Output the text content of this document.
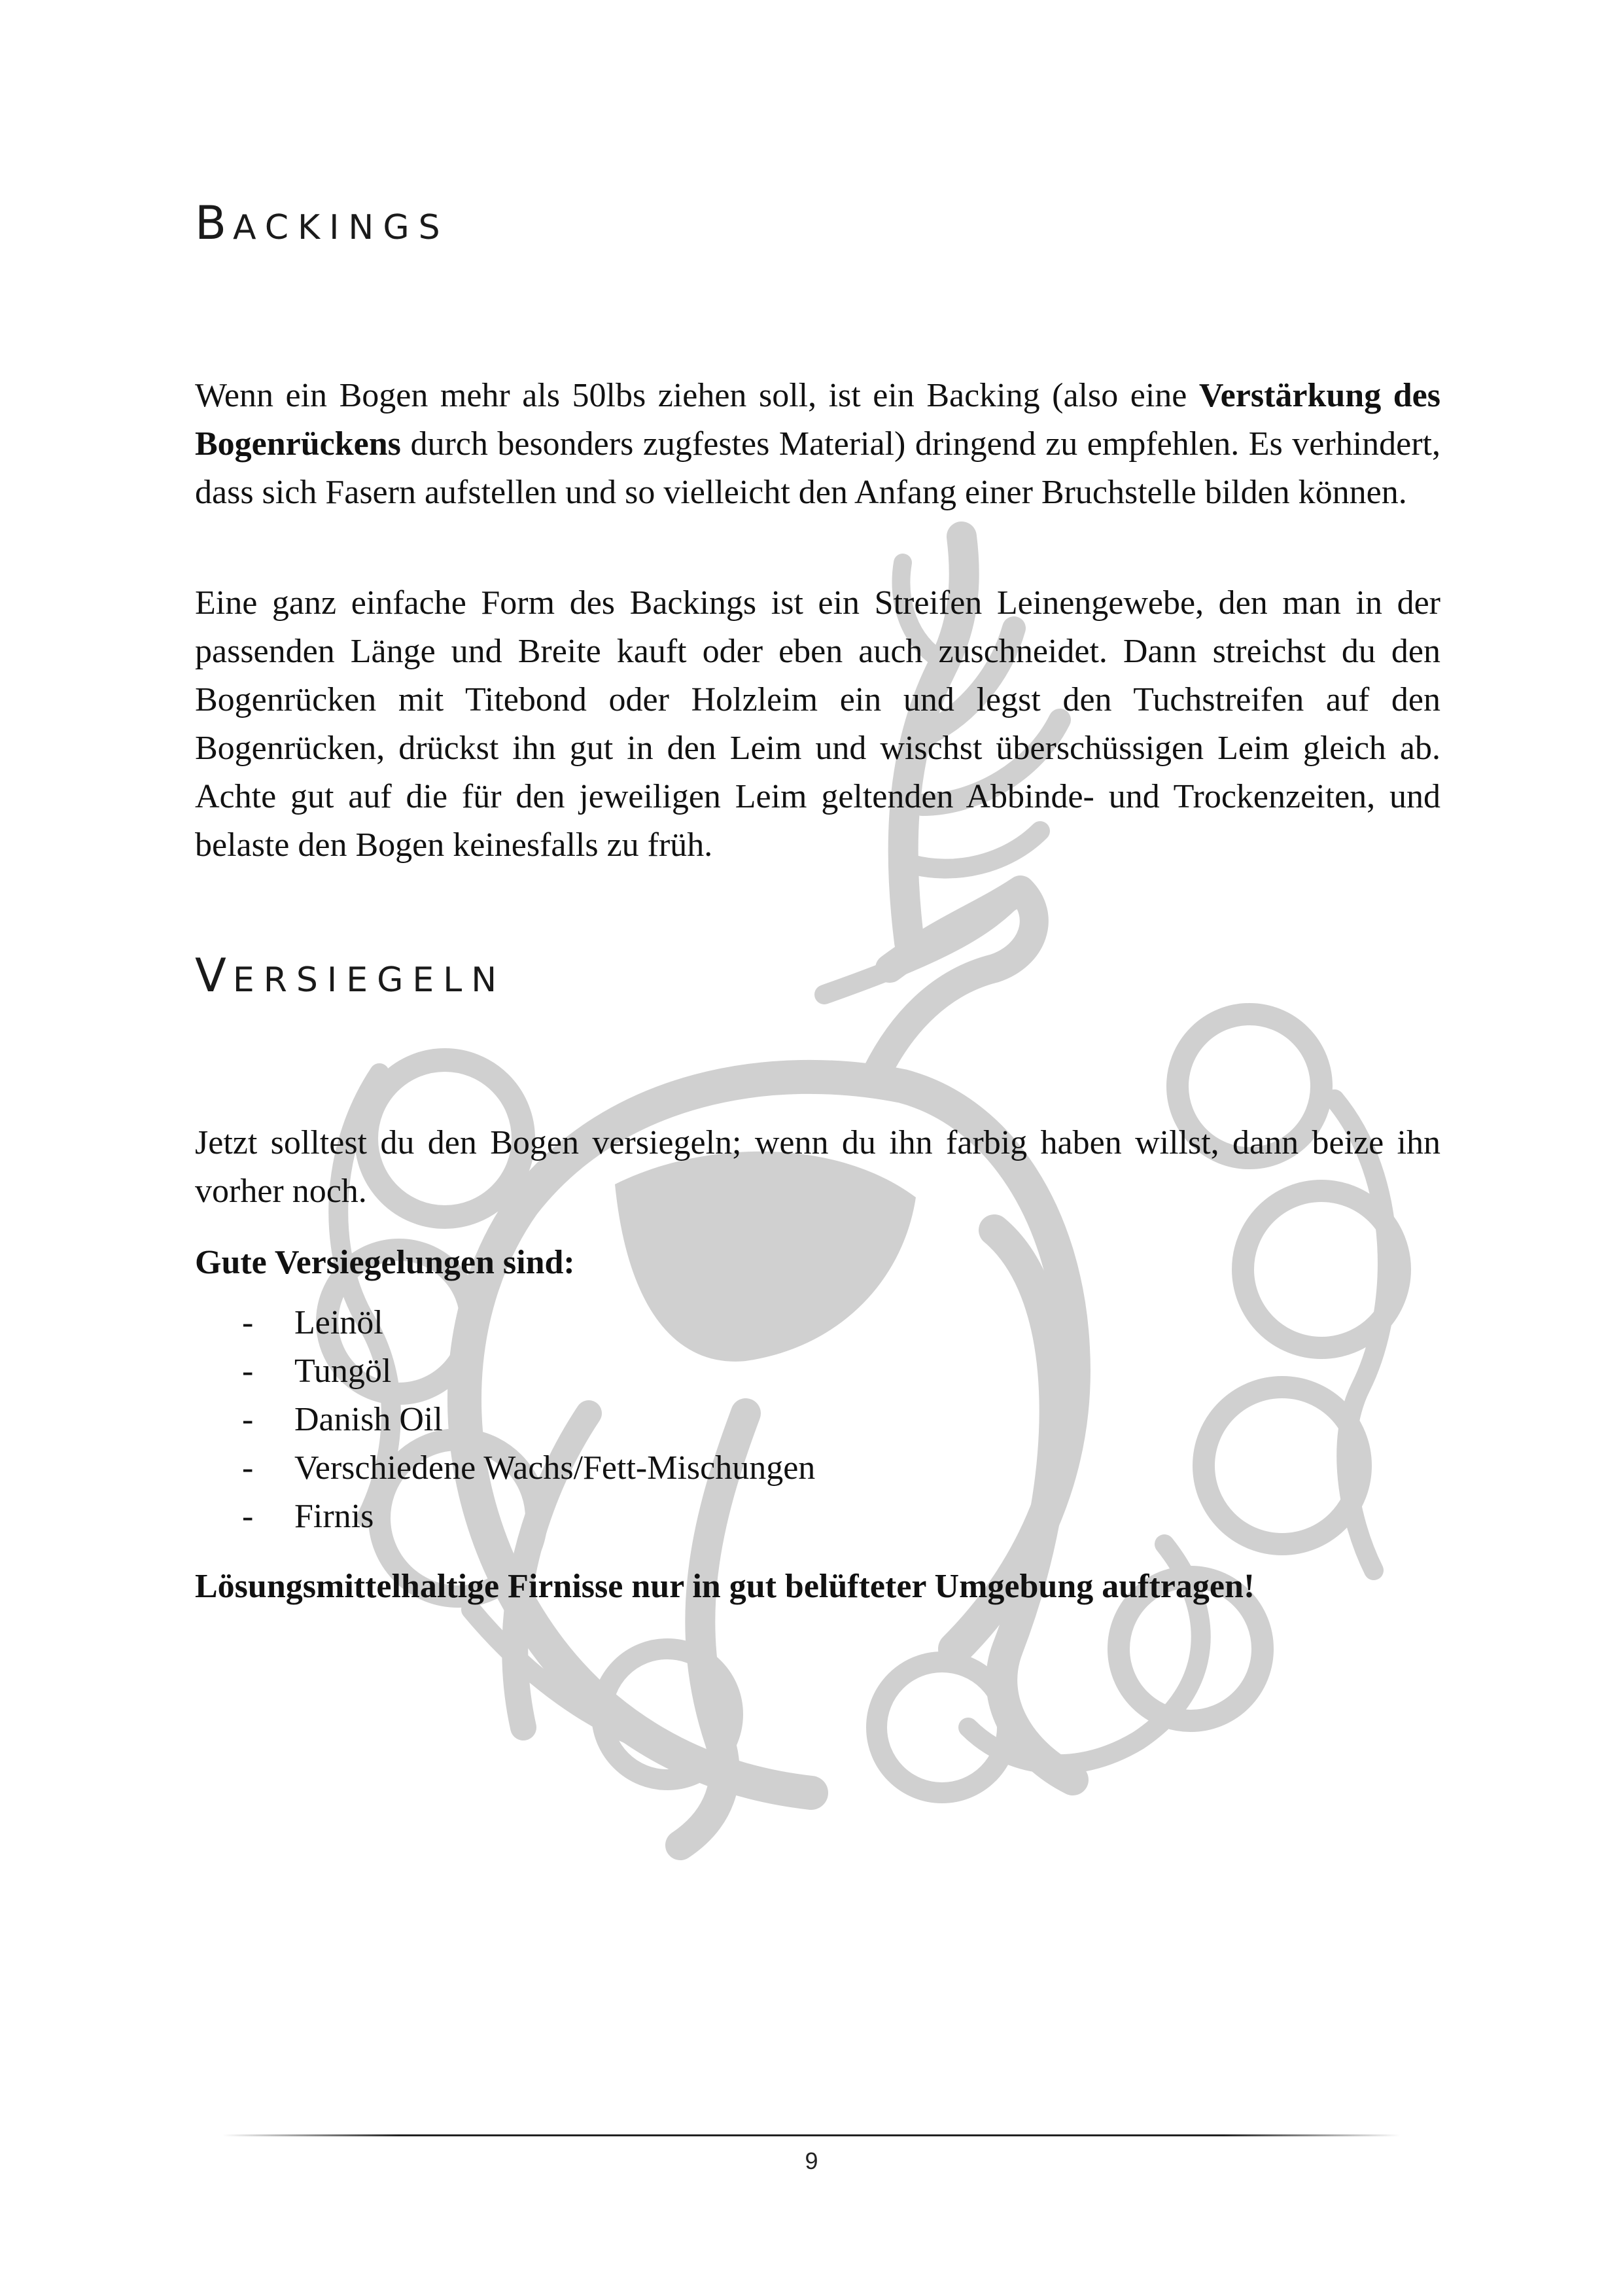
BACKINGS

Wenn ein Bogen mehr als 50lbs ziehen soll, ist ein Backing (also eine Verstärkung des Bogenrückens durch besonders zugfestes Material) dringend zu empfehlen. Es verhindert, dass sich Fasern aufstellen und so vielleicht den Anfang einer Bruchstelle bilden können.

Eine ganz einfache Form des Backings ist ein Streifen Leinengewebe, den man in der passenden Länge und Breite kauft oder eben auch zuschneidet. Dann streichst du den Bogenrücken mit Titebond oder Holzleim ein und legst den Tuchstreifen auf den Bogenrücken, drückst ihn gut in den Leim und wischst überschüssigen Leim gleich ab. Achte gut auf die für den jeweiligen Leim geltenden Abbinde- und Trockenzeiten, und belaste den Bogen keinesfalls zu früh.

VERSIEGELN

Jetzt solltest du den Bogen versiegeln; wenn du ihn farbig haben willst, dann beize ihn vorher noch.

Gute Versiegelungen sind:

- Leinöl
- Tungöl
- Danish Oil
- Verschiedene Wachs/Fett-Mischungen
- Firnis

Lösungsmittelhaltige Firnisse nur in gut belüfteter Umgebung auftragen!

9
